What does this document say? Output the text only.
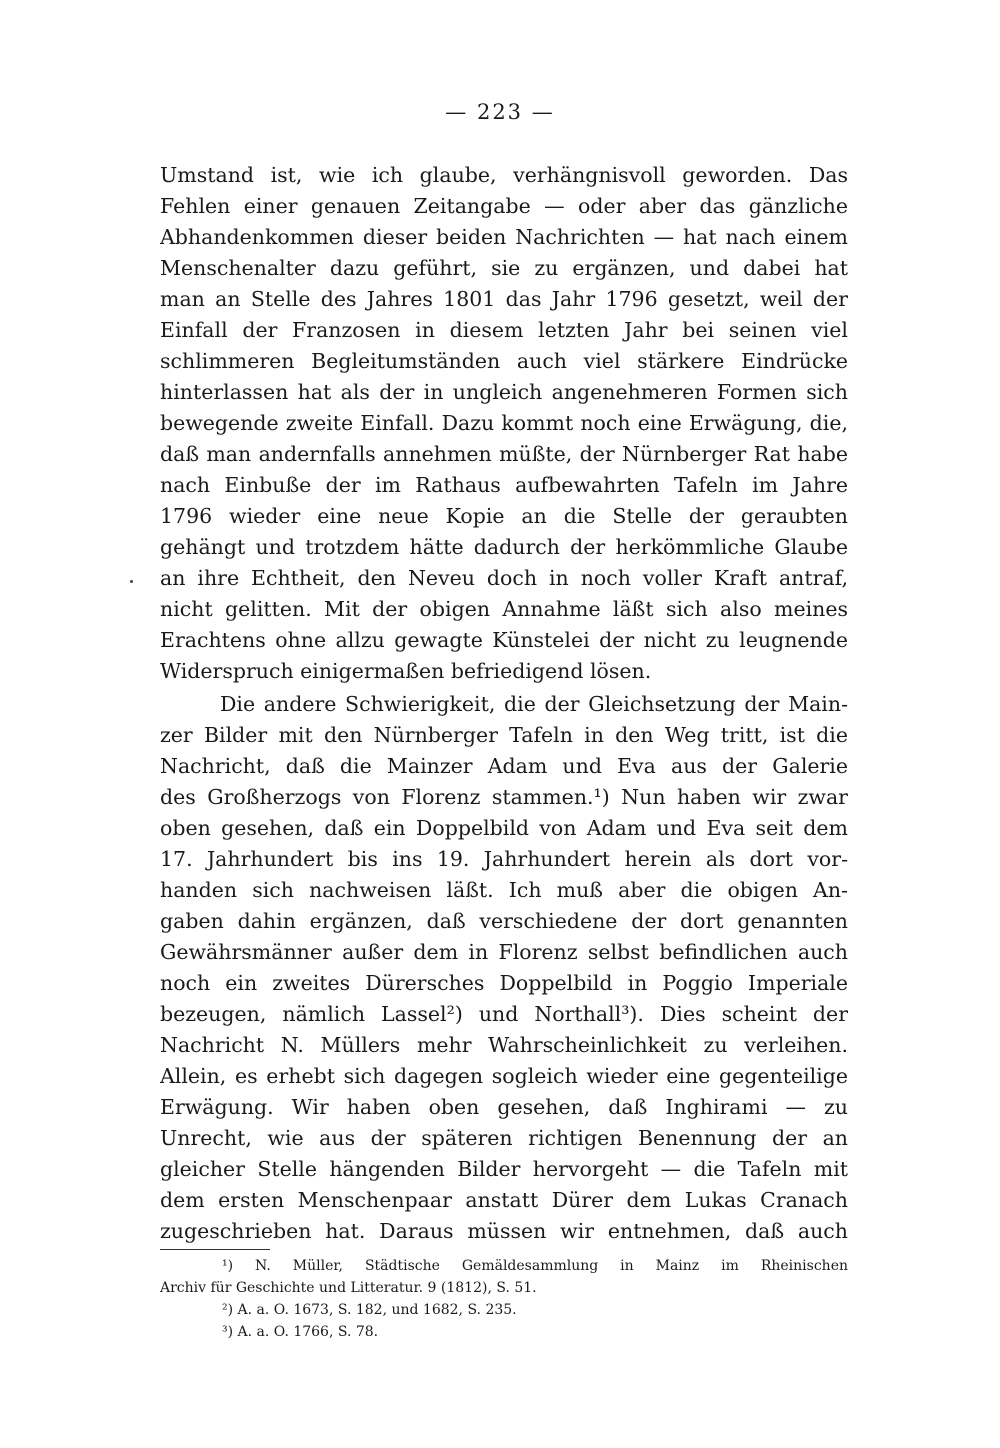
— 223 —
Umstand ist, wie ich glaube, verhängnisvoll geworden. Das
Fehlen einer genauen Zeitangabe — oder aber das gänzliche
Abhandenkommen dieser beiden Nachrichten — hat nach einem
Menschenalter dazu geführt, sie zu ergänzen, und dabei hat
man an Stelle des Jahres 1801 das Jahr 1796 gesetzt, weil der
Einfall der Franzosen in diesem letzten Jahr bei seinen viel
schlimmeren Begleitumständen auch viel stärkere Eindrücke
hinterlassen hat als der in ungleich angenehmeren Formen sich
bewegende zweite Einfall. Dazu kommt noch eine Erwägung, die,
daß man andernfalls annehmen müßte, der Nürnberger Rat habe
nach Einbuße der im Rathaus aufbewahrten Tafeln im Jahre
1796 wieder eine neue Kopie an die Stelle der geraubten
gehängt und trotzdem hätte dadurch der herkömmliche Glaube
an ihre Echtheit, den Neveu doch in noch voller Kraft antraf,
nicht gelitten. Mit der obigen Annahme läßt sich also meines
Erachtens ohne allzu gewagte Künstelei der nicht zu leugnende
Widerspruch einigermaßen befriedigend lösen.
Die andere Schwierigkeit, die der Gleichsetzung der Main-
zer Bilder mit den Nürnberger Tafeln in den Weg tritt, ist die
Nachricht, daß die Mainzer Adam und Eva aus der Galerie
des Großherzogs von Florenz stammen.¹) Nun haben wir zwar
oben gesehen, daß ein Doppelbild von Adam und Eva seit dem
17. Jahrhundert bis ins 19. Jahrhundert herein als dort vor-
handen sich nachweisen läßt. Ich muß aber die obigen An-
gaben dahin ergänzen, daß verschiedene der dort genannten
Gewährsmänner außer dem in Florenz selbst befindlichen auch
noch ein zweites Dürersches Doppelbild in Poggio Imperiale
bezeugen, nämlich Lassel²) und Northall³). Dies scheint der
Nachricht N. Müllers mehr Wahrscheinlichkeit zu verleihen.
Allein, es erhebt sich dagegen sogleich wieder eine gegenteilige
Erwägung. Wir haben oben gesehen, daß Inghirami — zu
Unrecht, wie aus der späteren richtigen Benennung der an
gleicher Stelle hängenden Bilder hervorgeht — die Tafeln mit
dem ersten Menschenpaar anstatt Dürer dem Lukas Cranach
zugeschrieben hat. Daraus müssen wir entnehmen, daß auch
¹) N. Müller, Städtische Gemäldesammlung in Mainz im Rheinischen
Archiv für Geschichte und Litteratur. 9 (1812), S. 51.
²) A. a. O. 1673, S. 182, und 1682, S. 235.
³) A. a. O. 1766, S. 78.
